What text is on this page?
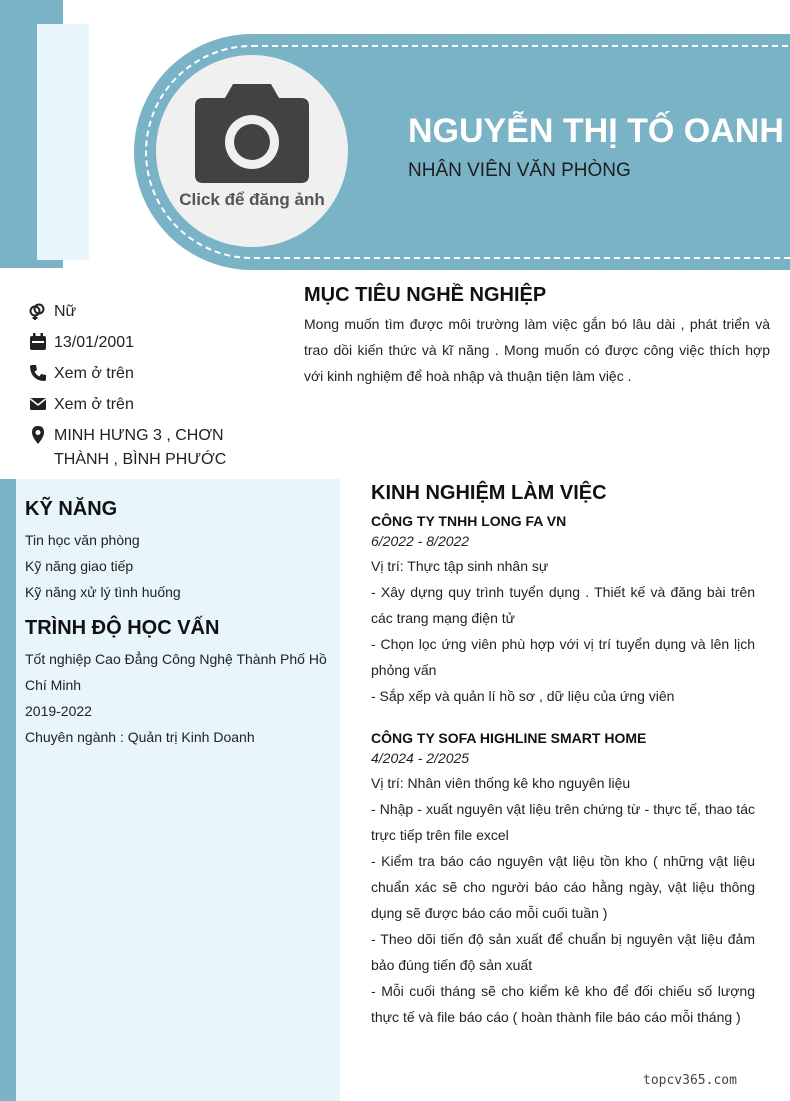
Click để đăng ảnh
NGUYỄN THỊ TỐ OANH
NHÂN VIÊN VĂN PHÒNG
Nữ
13/01/2001
Xem ở trên
Xem ở trên
MINH HƯNG 3 , CHƠN
THÀNH , BÌNH PHƯỚC
MỤC TIÊU NGHỀ NGHIỆP

Mong muốn tìm được môi trường làm việc gắn bó lâu dài , phát triển và trao dồi kiến thức và kĩ năng . Mong muốn có được công việc thích hợp với kinh nghiệm để hoà nhập và thuận tiện làm việc .

KỸ NĂNG
Tin học văn phòng
Kỹ năng giao tiếp
Kỹ năng xử lý tình huống
TRÌNH ĐỘ HỌC VẤN
Tốt nghiệp Cao Đẳng Công Nghệ Thành Phố Hồ Chí Minh
2019-2022
Chuyên ngành : Quản trị Kinh Doanh
KINH NGHIỆM LÀM VIỆC
CÔNG TY TNHH LONG FA VN
6/2022 - 8/2022
Vị trí: Thực tập sinh nhân sự
- Xây dựng quy trình tuyển dụng . Thiết kế và đăng bài trên các trang mạng điện tử
- Chọn lọc ứng viên phù hợp với vị trí tuyển dụng và lên lịch phỏng vấn
- Sắp xếp và quản lí hồ sơ , dữ liệu của ứng viên
CÔNG TY SOFA HIGHLINE SMART HOME
4/2024 - 2/2025
Vị trí: Nhân viên thống kê kho nguyên liệu
- Nhập - xuất nguyên vật liệu trên chứng từ - thực tế, thao tác trực tiếp trên file excel
- Kiểm tra báo cáo nguyên vật liệu tồn kho ( những vật liệu chuẩn xác sẽ cho người báo cáo hằng ngày, vật liệu thông dụng sẽ được báo cáo mỗi cuối tuần )
- Theo dõi tiến độ sản xuất để chuẩn bị nguyên vật liệu đảm bảo đúng tiến độ sản xuất
- Mỗi cuối tháng sẽ cho kiểm kê kho để đối chiếu số lượng thực tế và file báo cáo ( hoàn thành file báo cáo mỗi tháng )
topcv365.com
